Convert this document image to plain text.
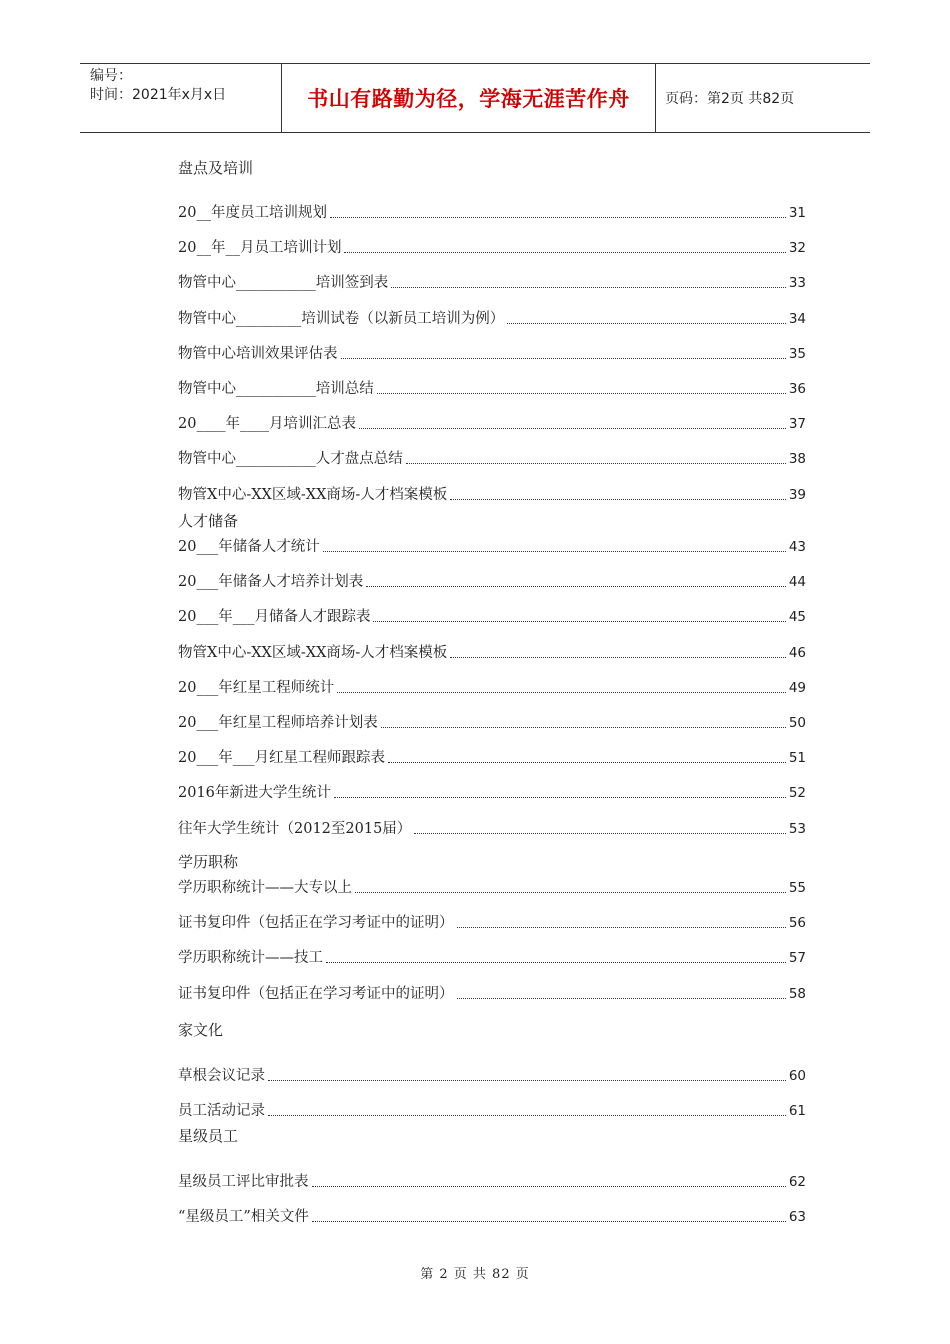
编号：
时间：2021年x月x日	书山有路勤为径，学海无涯苦作舟	页码：第2页 共82页
盘点及培训
20__年度员工培训规划	31
20__年__月员工培训计划	32
物管中心___________培训签到表	33
物管中心_________培训试卷（以新员工培训为例）	34
物管中心培训效果评估表	35
物管中心___________培训总结	36
20____年____月培训汇总表	37
物管中心___________人才盘点总结	38
物管X中心-XX区域-XX商场-人才档案模板	39
人才储备
20___年储备人才统计	43
20___年储备人才培养计划表	44
20___年___月储备人才跟踪表	45
物管X中心-XX区域-XX商场-人才档案模板	46
20___年红星工程师统计	49
20___年红星工程师培养计划表	50
20___年___月红星工程师跟踪表	51
2016年新进大学生统计	52
往年大学生统计（2012至2015届）	53
学历职称
学历职称统计——大专以上	55
证书复印件（包括正在学习考证中的证明）	56
学历职称统计——技工	57
证书复印件（包括正在学习考证中的证明）	58
家文化
草根会议记录	60
员工活动记录	61
星级员工
星级员工评比审批表	62
“星级员工”相关文件	63
第 2 页 共 82 页
